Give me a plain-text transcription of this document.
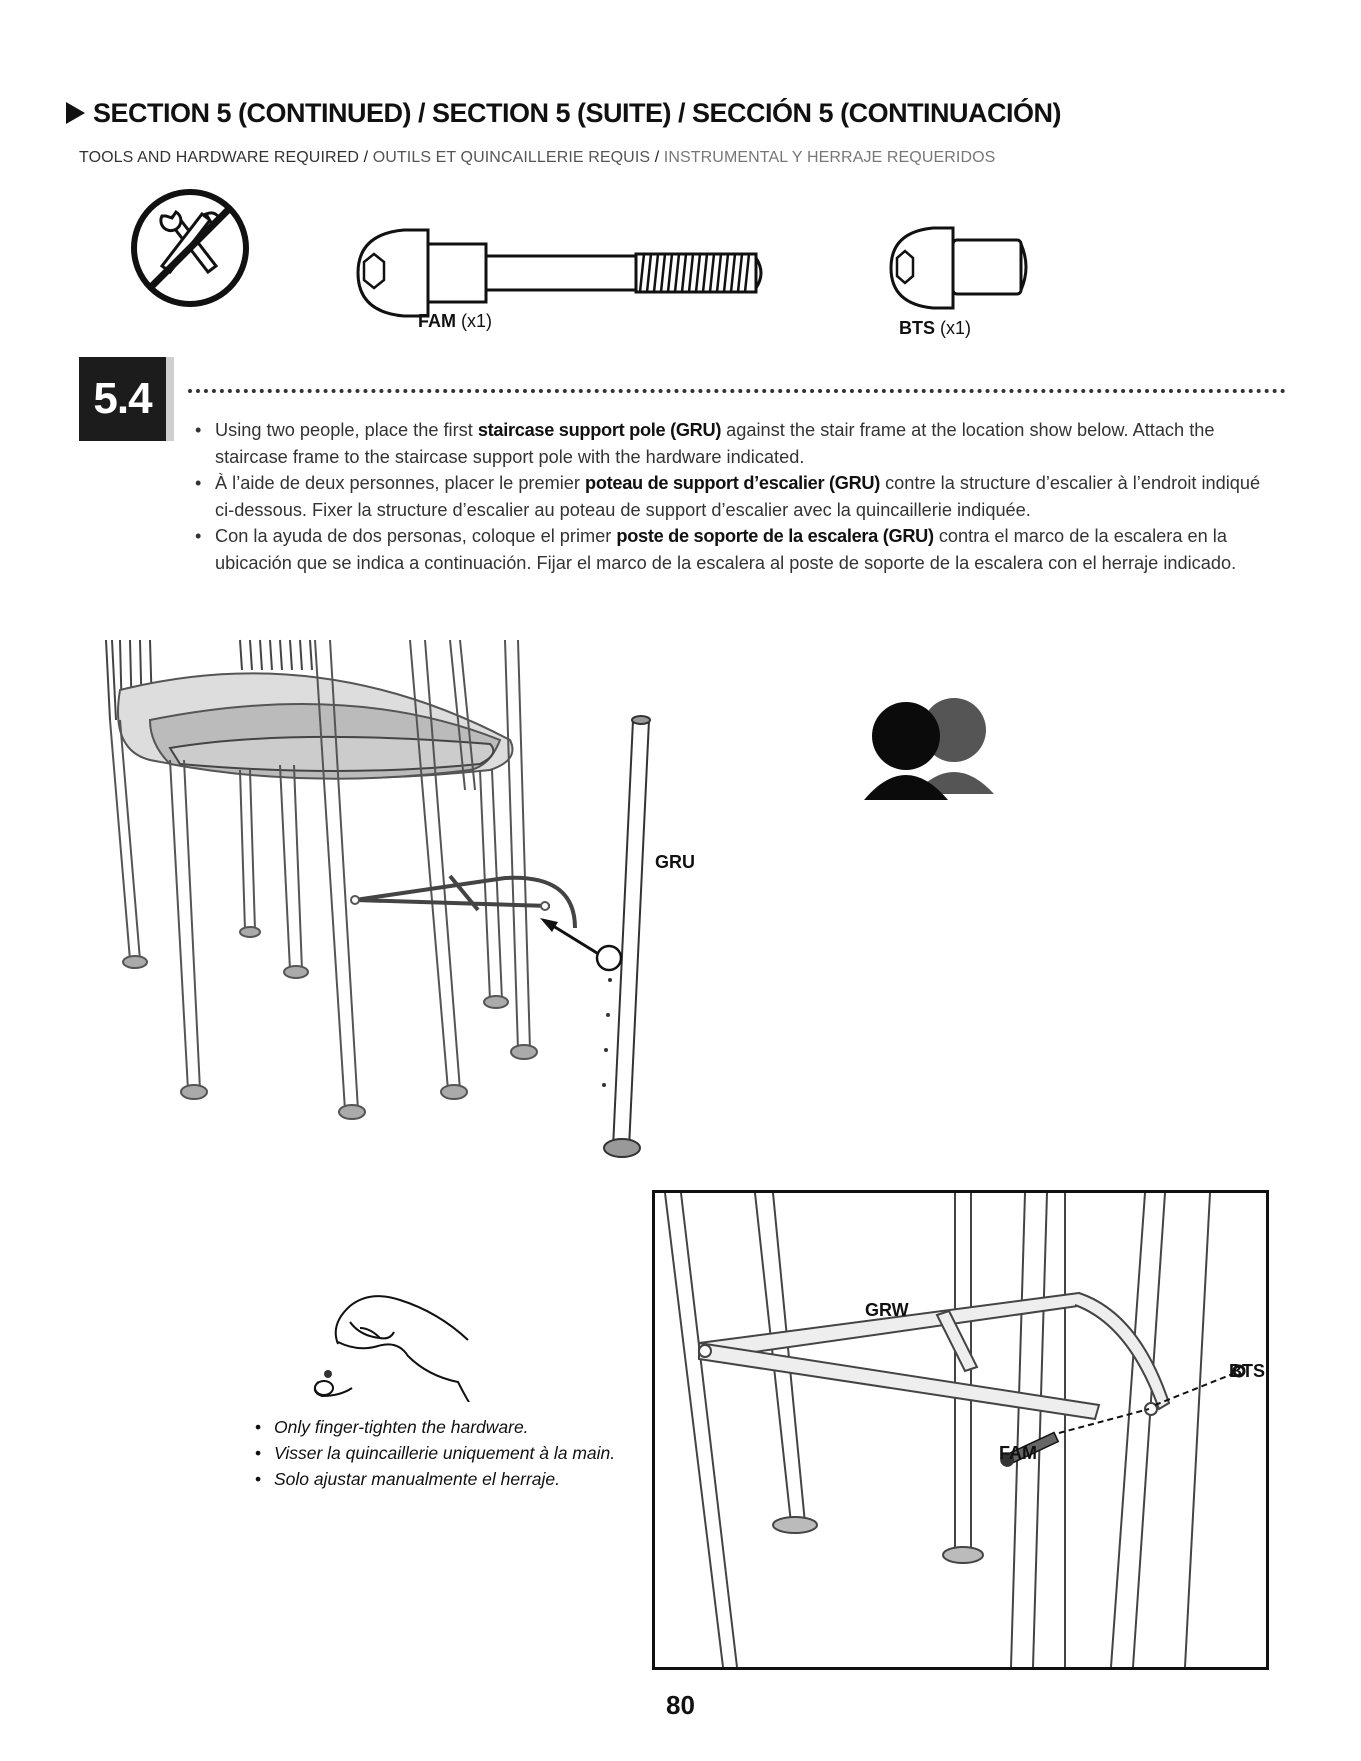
SECTION 5 (CONTINUED) / SECTION 5 (SUITE) / SECCIÓN 5 (CONTINUACIÓN)
TOOLS AND HARDWARE REQUIRED / OUTILS ET QUINCAILLERIE REQUIS / INSTRUMENTAL Y HERRAJE REQUERIDOS
FAM (x1)	BTS (x1)
5.4
• Using two people, place the first staircase support pole (GRU) against the stair frame at the location show below. Attach the staircase frame to the staircase support pole with the hardware indicated.
• À l’aide de deux personnes, placer le premier poteau de support d’escalier (GRU) contre la structure d’escalier à l’endroit indiqué ci-dessous. Fixer la structure d’escalier au poteau de support d’escalier avec la quincaillerie indiquée.
• Con la ayuda de dos personas, coloque el primer poste de soporte de la escalera (GRU) contra el marco de la escalera en la ubicación que se indica a continuación. Fijar el marco de la escalera al poste de soporte de la escalera con el herraje indicado.
GRU
• Only finger-tighten the hardware.
• Visser la quincaillerie uniquement à la main.
• Solo ajustar manualmente el herraje.
GRW
FAM
BTS
80
